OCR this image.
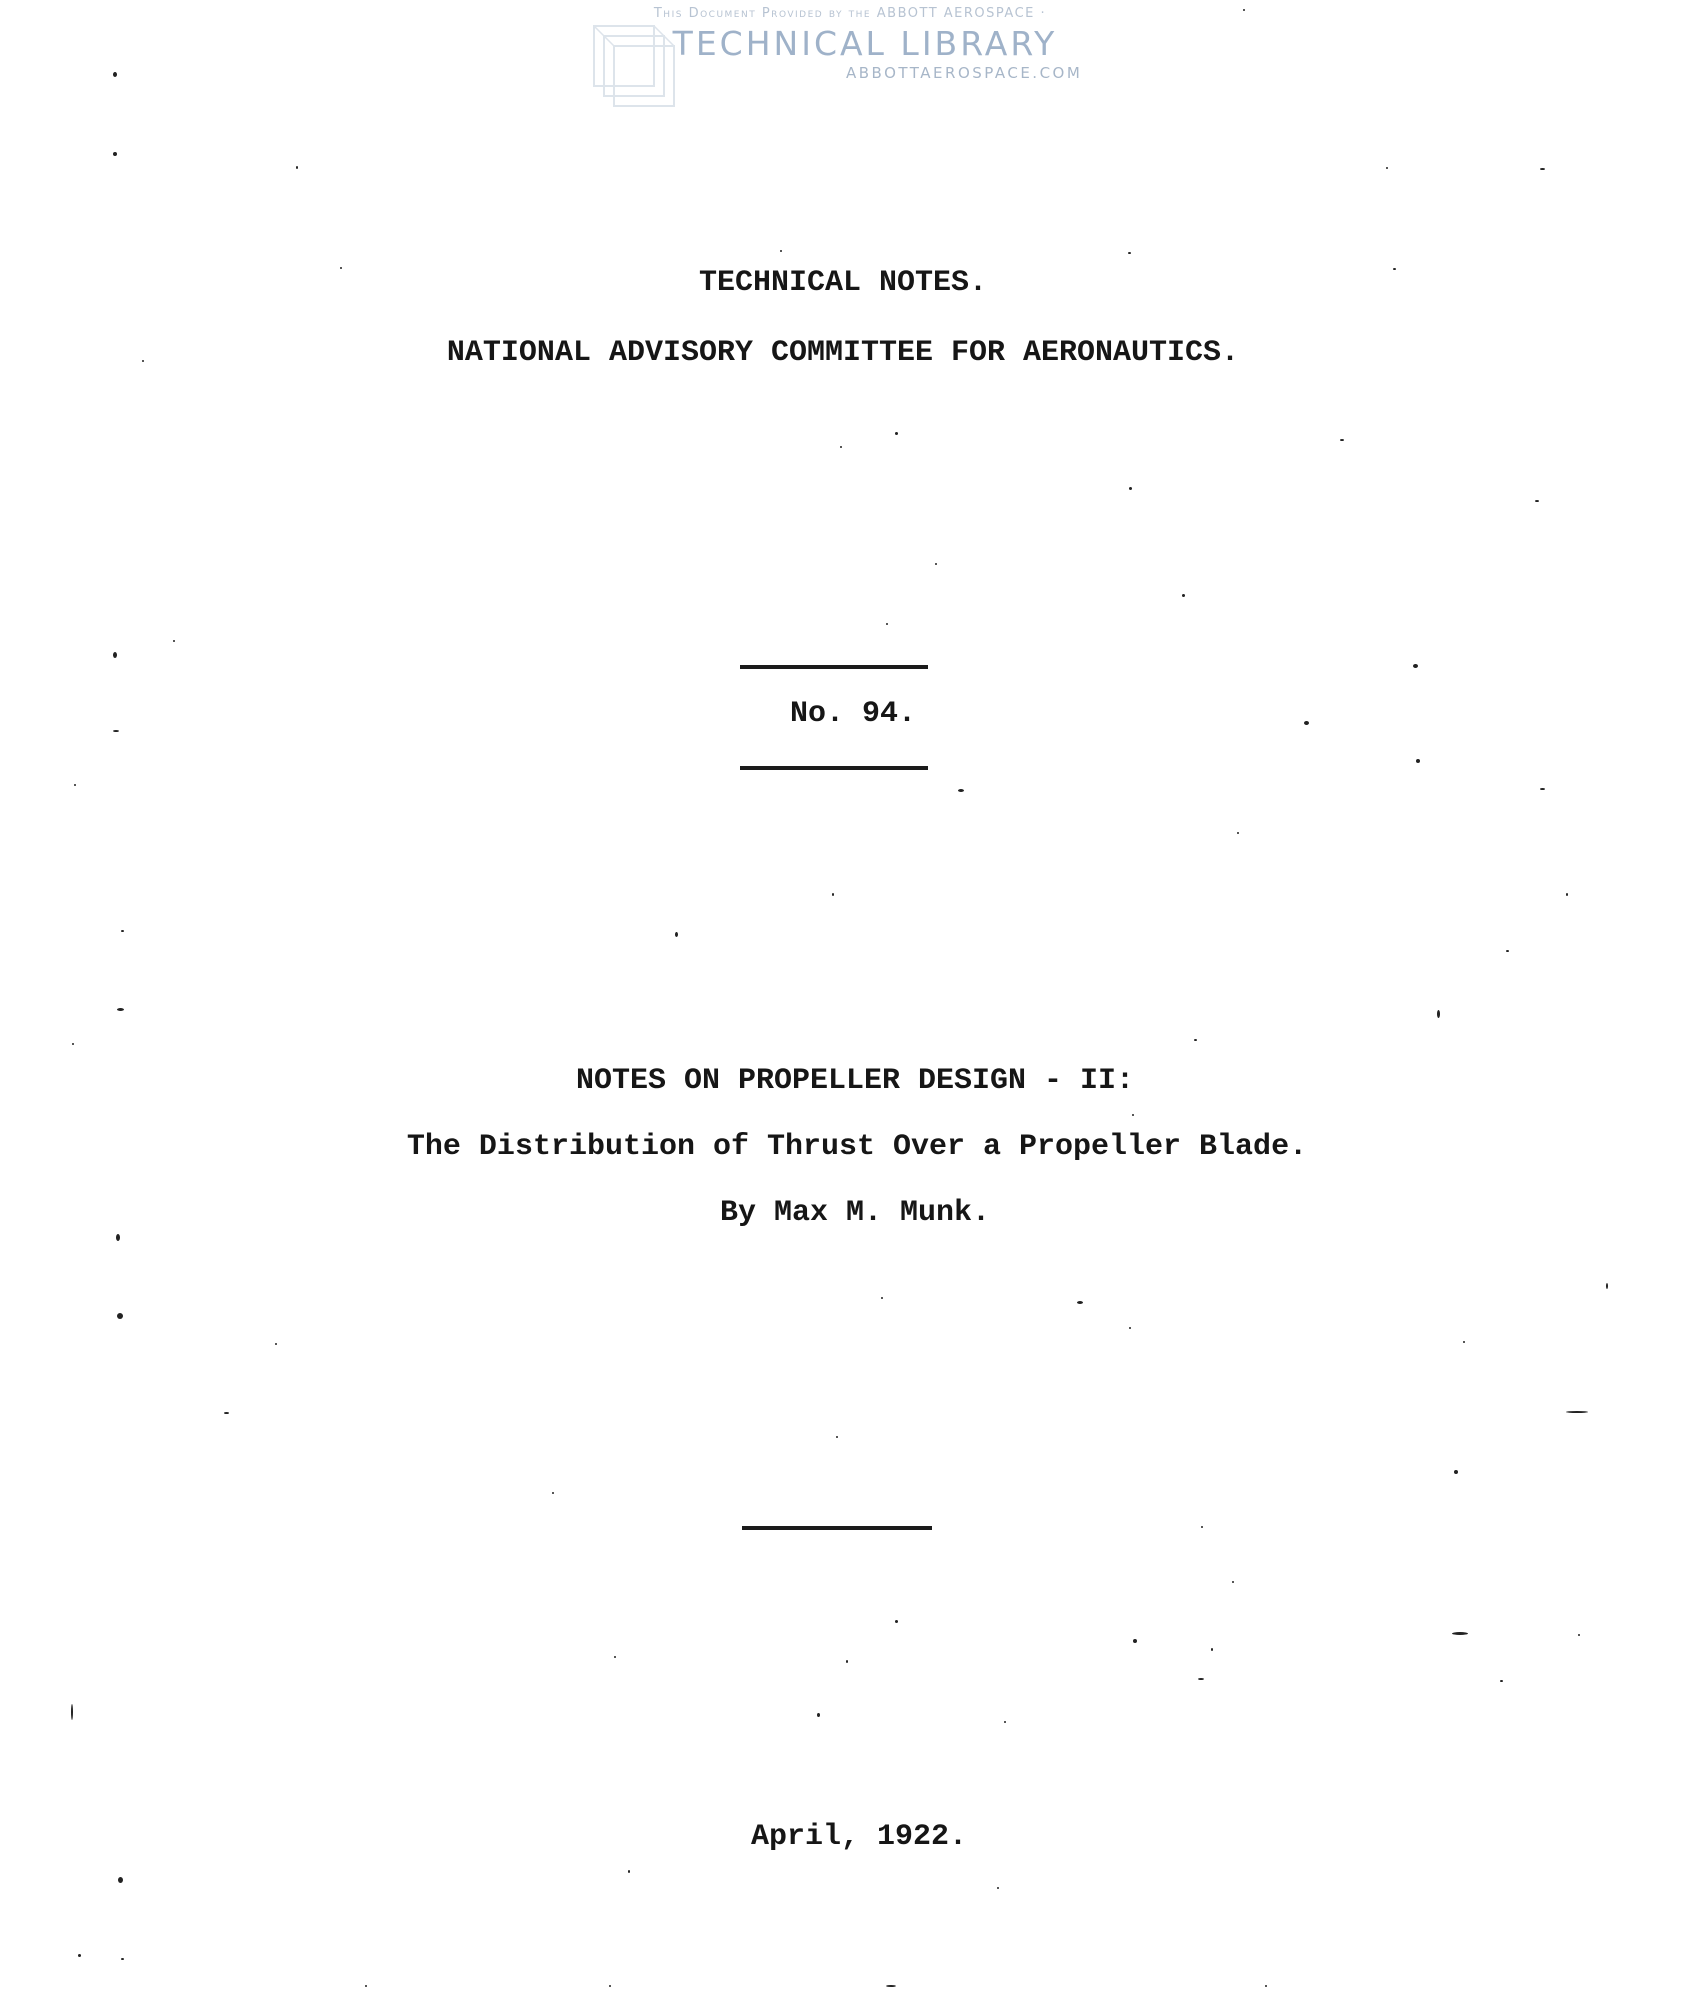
This Document Provided by the ABBOTT AEROSPACE ·
TECHNICAL LIBRARY
ABBOTTAEROSPACE.COM
TECHNICAL NOTES.
NATIONAL ADVISORY COMMITTEE FOR AERONAUTICS.
No. 94.
NOTES ON PROPELLER DESIGN - II:
The Distribution of Thrust Over a Propeller Blade.
By Max M. Munk.
April, 1922.
